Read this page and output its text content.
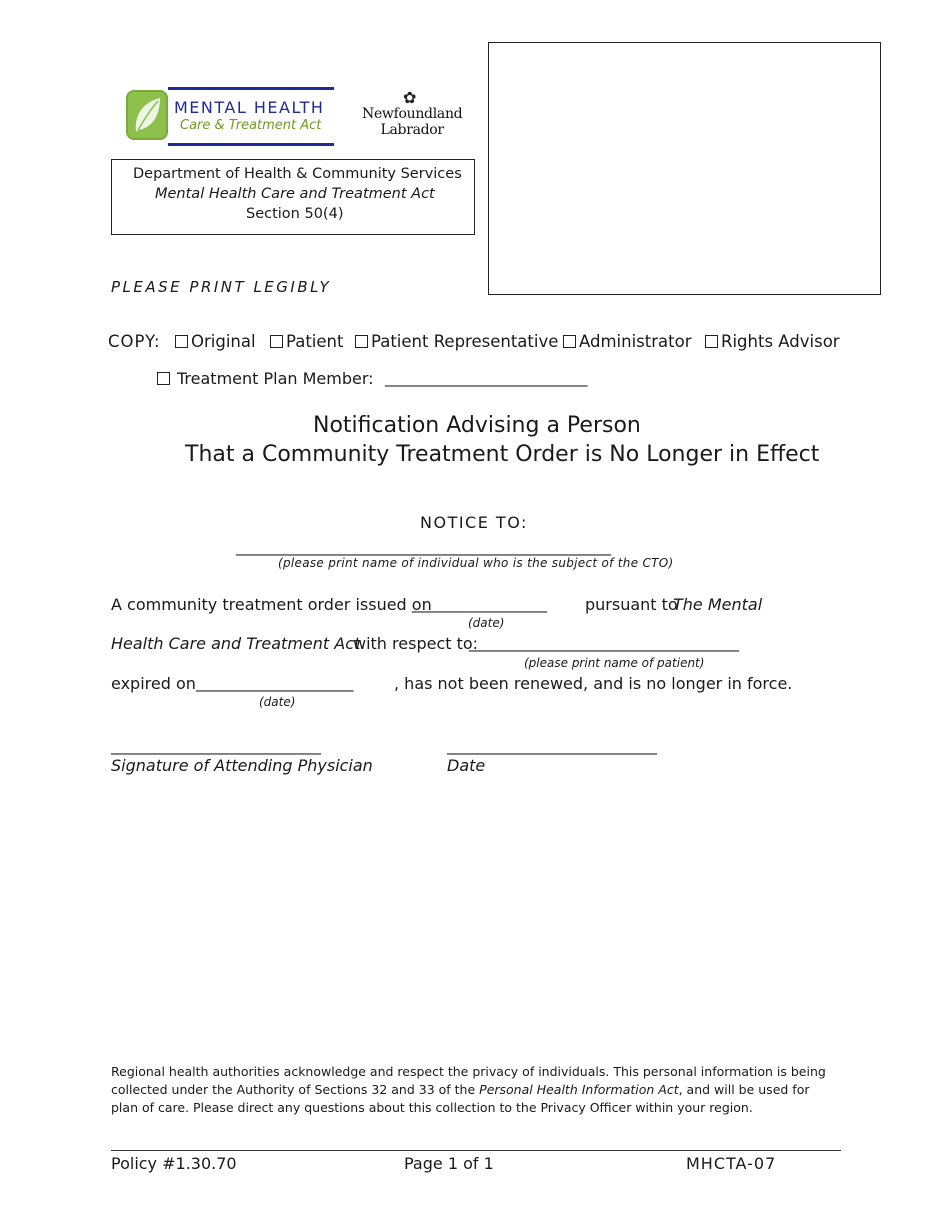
MENTAL HEALTH
Care & Treatment Act
✿
Newfoundland
Labrador
Department of Health & Community Services
Mental Health Care and Treatment Act
Section 50(4)
PLEASE PRINT LEGIBLY
COPY: Original Patient Patient Representative Administrator Rights Advisor
Treatment Plan Member: ___________________________
Notification Advising a Person
That a Community Treatment Order is No Longer in Effect
NOTICE TO:
__________________________________________________
(please print name of individual who is the subject of the CTO)
A community treatment order issued on
__________________ pursuant to
The Mental
(date)
Health Care and Treatment Act
with respect to:
____________________________________
(please print name of patient)
expired on _____________________	, has not been renewed, and is no longer in force.
(date)
____________________________
Signature of Attending Physician
____________________________
Date
Regional health authorities acknowledge and respect the privacy of individuals. This personal information is being
collected under the Authority of Sections 32 and 33 of the Personal Health Information Act, and will be used for
plan of care. Please direct any questions about this collection to the Privacy Officer within your region.
Policy #1.30.70	Page 1 of 1	MHCTA-07
